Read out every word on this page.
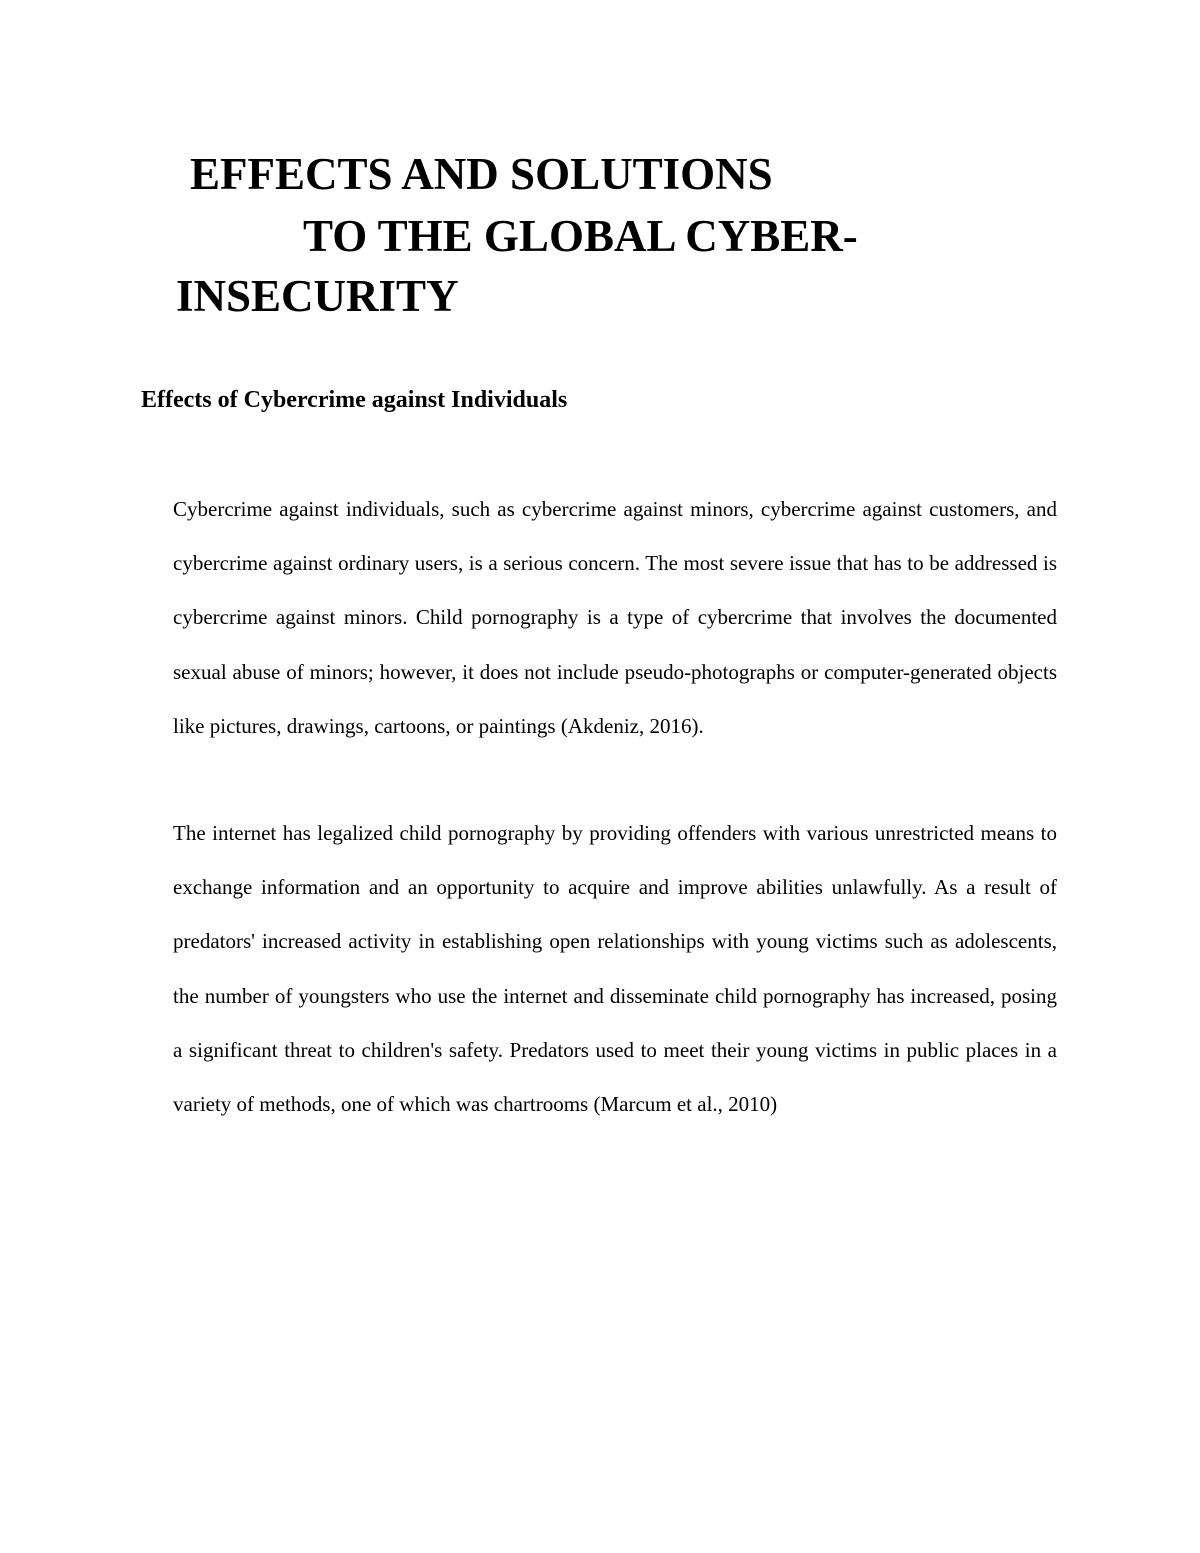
EFFECTS AND SOLUTIONS
TO THE GLOBAL CYBER-
INSECURITY
Effects of Cybercrime against Individuals

Cybercrime against individuals, such as cybercrime against minors, cybercrime against customers, and cybercrime against ordinary users, is a serious concern. The most severe issue that has to be addressed is cybercrime against minors. Child pornography is a type of cybercrime that involves the documented sexual abuse of minors; however, it does not include pseudo-photographs or computer-generated objects like pictures, drawings, cartoons, or paintings (Akdeniz, 2016).

The internet has legalized child pornography by providing offenders with various unrestricted means to exchange information and an opportunity to acquire and improve abilities unlawfully. As a result of predators' increased activity in establishing open relationships with young victims such as adolescents, the number of youngsters who use the internet and disseminate child pornography has increased, posing a significant threat to children's safety. Predators used to meet their young victims in public places in a variety of methods, one of which was chartrooms (Marcum et al., 2010)
